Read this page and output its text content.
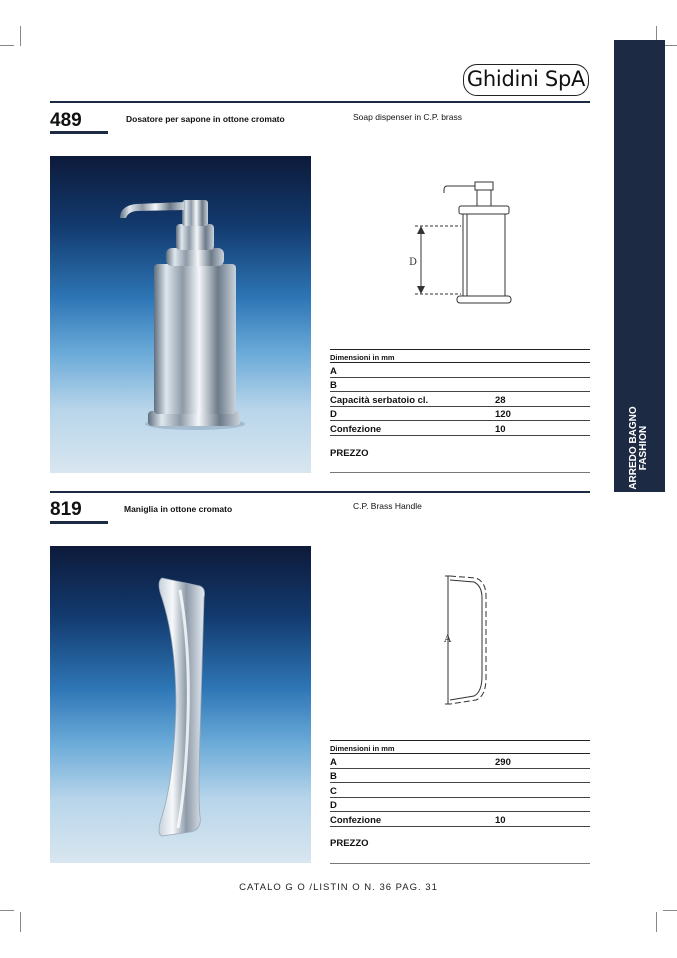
Ghidini SpA
ARREDO BAGNO FASHION
489	Dosatore per sapone in ottone cromato	Soap dispenser in C.P. brass
D
Dimensioni in mm	
A	
B	
Capacità serbatoio cl.	28
D	120
Confezione	10
PREZZO
819	Maniglia in ottone cromato	C.P. Brass Handle
A
Dimensioni in mm	
A	290
B	
C	
D	
Confezione	10
PREZZO
CATALO G O /LISTIN O N. 36 PAG. 31
